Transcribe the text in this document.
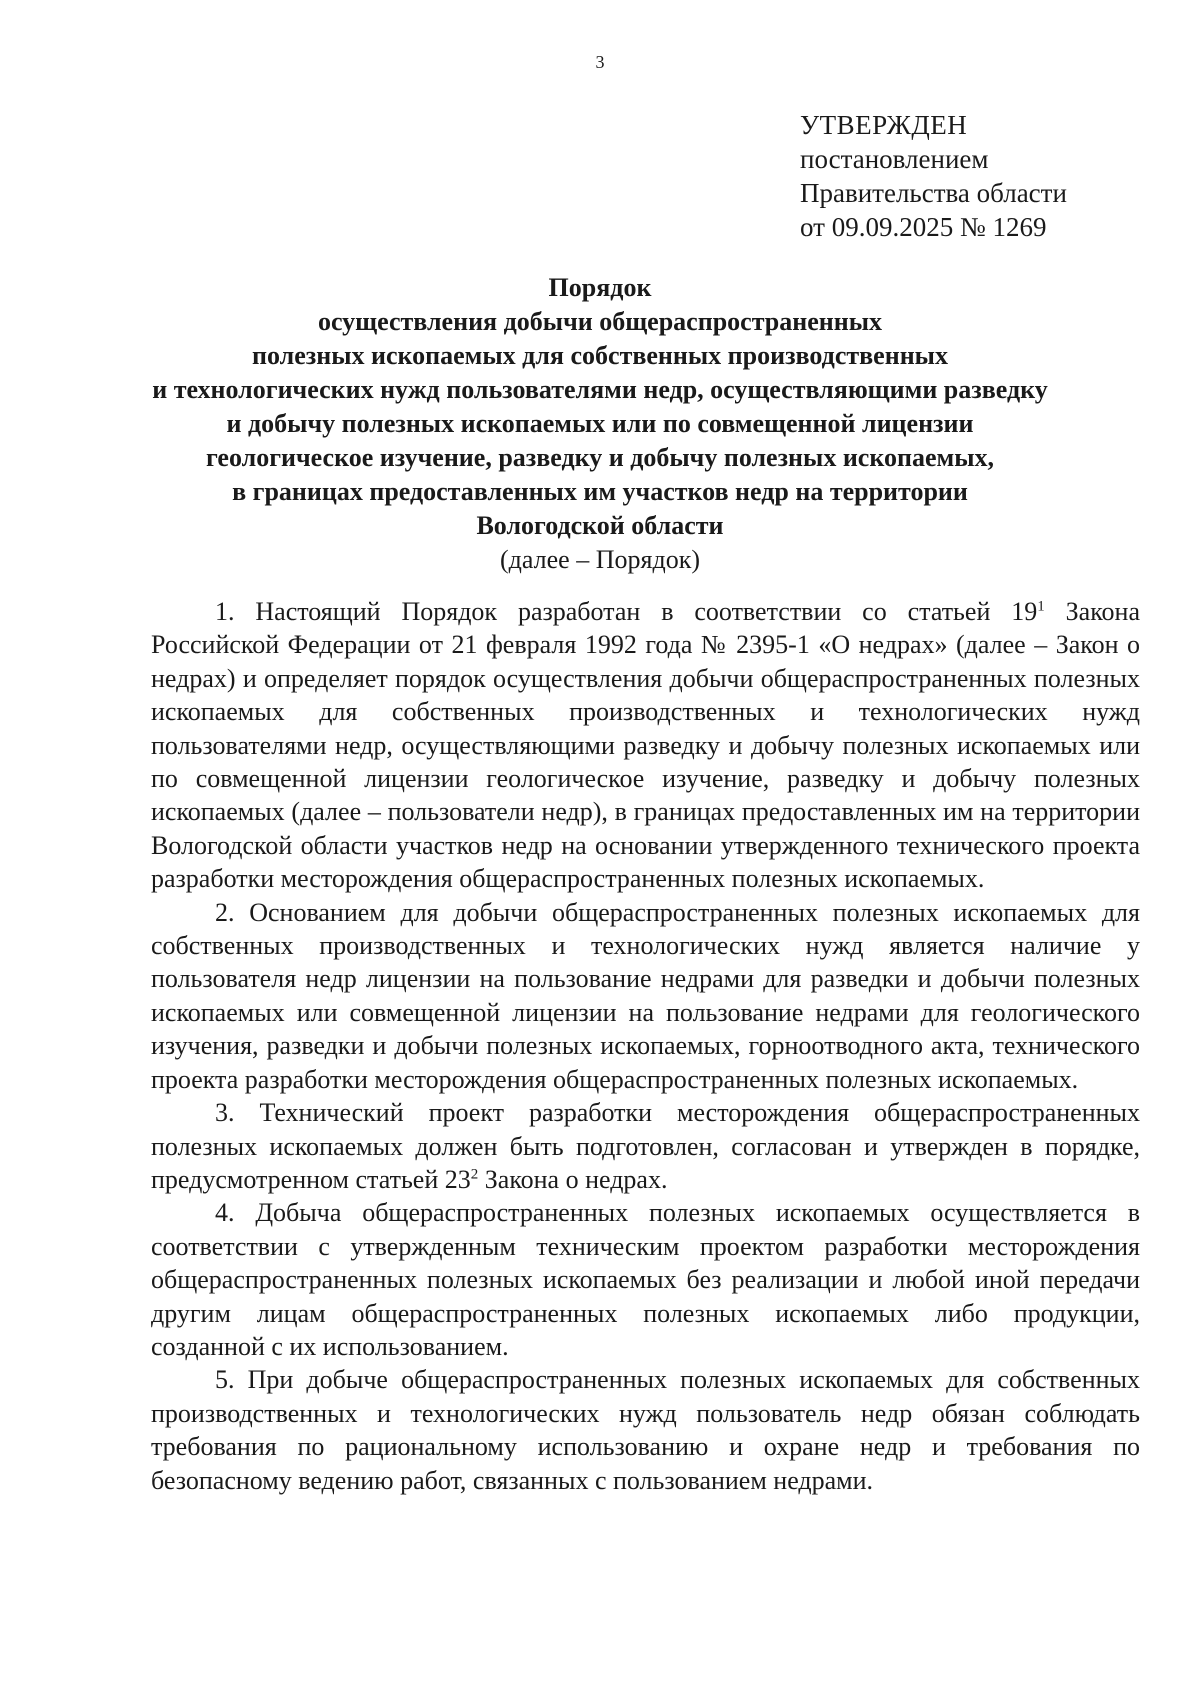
3
УТВЕРЖДЕН
постановлением
Правительства области
от 09.09.2025 № 1269
Порядок
осуществления добычи общераспространенных
полезных ископаемых для собственных производственных
и технологических нужд пользователями недр, осуществляющими разведку
и добычу полезных ископаемых или по совмещенной лицензии
геологическое изучение, разведку и добычу полезных ископаемых,
в границах предоставленных им участков недр на территории
Вологодской области
(далее – Порядок)

1. Настоящий Порядок разработан в соответствии со статьей $19^1$ Закона Российской Федерации от 21 февраля 1992 года № 2395-1 «О недрах» (далее – Закон о недрах) и определяет порядок осуществления добычи общераспространенных полезных ископаемых для собственных производственных и технологических нужд пользователями недр, осуществляющими разведку и добычу полезных ископаемых или по совмещенной лицензии геологическое изучение, разведку и добычу полезных ископаемых (далее – пользователи недр), в границах предоставленных им на территории Вологодской области участков недр на основании утвержденного технического проекта разработки месторождения общераспространенных полезных ископаемых.

2. Основанием для добычи общераспространенных полезных ископаемых для собственных производственных и технологических нужд является наличие у пользователя недр лицензии на пользование недрами для разведки и добычи полезных ископаемых или совмещенной лицензии на пользование недрами для геологического изучения, разведки и добычи полезных ископаемых, горноотводного акта, технического проекта разработки месторождения общераспространенных полезных ископаемых.

3. Технический проект разработки месторождения общераспространенных полезных ископаемых должен быть подготовлен, согласован и утвержден в порядке, предусмотренном статьей $23^2$ Закона о недрах.

4. Добыча общераспространенных полезных ископаемых осуществляется в соответствии с утвержденным техническим проектом разработки месторождения общераспространенных полезных ископаемых без реализации и любой иной передачи другим лицам общераспространенных полезных ископаемых либо продукции, созданной с их использованием.

5. При добыче общераспространенных полезных ископаемых для собственных производственных и технологических нужд пользователь недр обязан соблюдать требования по рациональному использованию и охране недр и требования по безопасному ведению работ, связанных с пользованием недрами.
